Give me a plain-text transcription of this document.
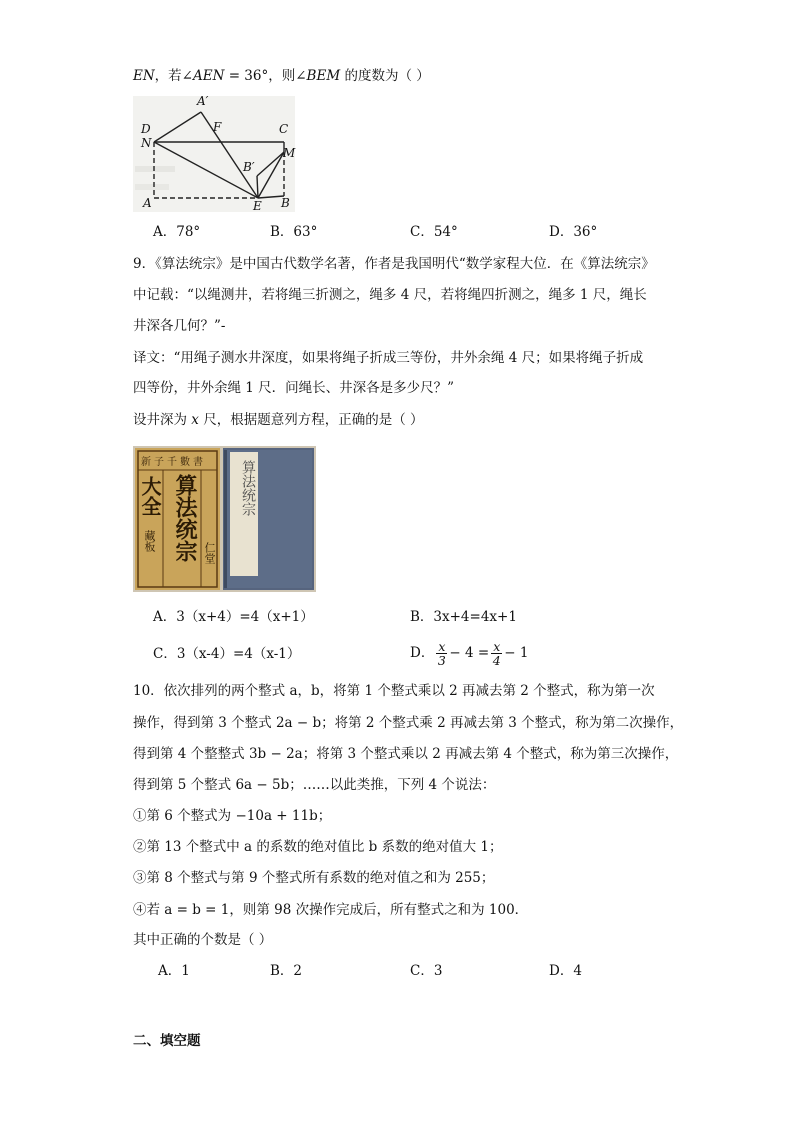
EN，若∠AEN = 36°，则∠BEM 的度数为（ ）
A′
D
N
F	C
M
B′
A	E B
A．78°	B．63°	C．54°	D．36°
9．《算法统宗》是中国古代数学名著，作者是我国明代“数学家程大位．在《算法统宗》
中记载：“以绳测井，若将绳三折测之，绳多 4 尺，若将绳四折测之，绳多 1 尺，绳长
井深各几何？”-
译文：“用绳子测水井深度，如果将绳子折成三等份，井外余绳 4 尺；如果将绳子折成
四等份，井外余绳 1 尺．问绳长、井深各是多少尺？”
设井深为 x 尺，根据题意列方程，正确的是（ ）
新子千數書
算法统宗
大全
藏板
仁堂
算法统宗
A．3（x+4）=4（x+1）	B．3x+4=4x+1
C．3（x-4）=4（x-1）	D． $\frac{x}{3} - 4 = \frac{x}{4} - 1$
10．依次排列的两个整式 a，b，将第 1 个整式乘以 2 再减去第 2 个整式，称为第一次
操作，得到第 3 个整式 2a − b；将第 2 个整式乘 2 再减去第 3 个整式，称为第二次操作，
得到第 4 个整整式 3b − 2a；将第 3 个整式乘以 2 再减去第 4 个整式，称为第三次操作，
得到第 5 个整式 6a − 5b；……以此类推，下列 4 个说法：
①第 6 个整式为 −10a + 11b；
②第 13 个整式中 a 的系数的绝对值比 b 系数的绝对值大 1；
③第 8 个整式与第 9 个整式所有系数的绝对值之和为 255；
④若 a = b = 1，则第 98 次操作完成后，所有整式之和为 100．
其中正确的个数是（ ）
A．1	B．2	C．3	D．4
二、填空题
